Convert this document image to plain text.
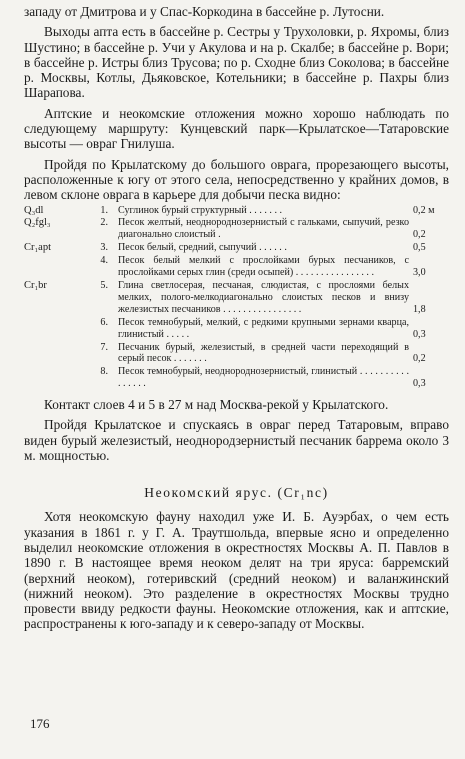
западу от Дмитрова и у Спас-Коркодина в бассейне р. Лутосни.

Выходы апта есть в бассейне р. Сестры у Трухоловки, р. Яхромы, близ Шустино; в бассейне р. Учи у Акулова и на р. Скалбе; в бассейне р. Вори; в бассейне р. Истры близ Трусова; по р. Сходне близ Соколова; в бассейне р. Москвы, Котлы, Дьяковское, Котельники; в бассейне р. Пахры близ Шарапова.

Аптские и неокомские отложения можно хорошо наблюдать по следующему маршруту: Кунцевский парк—Крылатское—Татаровские высоты — овраг Гнилуша.

Пройдя по Крылатскому до большого оврага, прорезающего высоты, расположенные к югу от этого села, непосредственно у крайних домов, в левом склоне оврага в карьере для добычи песка видно:

Q₃dl	1.	Суглинок бурый структурный . . . . . . .	0,2 м
Q₂fgl₃	2.	Песок желтый, неоднороднозернистый с гальками, сыпучий, резко диагонально слоистый .	0,2
Cr₁apt	3.	Песок белый, средний, сыпучий . . . . . .	0,5
	4.	Песок белый мелкий с прослойками бурых песчаников, с прослойками серых глин (среди осыпей) . . . . . . . . . . . . . . . .	3,0
Cr₁br	5.	Глина светлосерая, песчаная, слюдистая, с прослоями белых мелких, полого-мелкодиагонально слоистых песков и внизу железистых песчаников . . . . . . . . . . . . . . . .	1,8
	6.	Песок темнобурый, мелкий, с редкими крупными зернами кварца, глинистый . . . . .	0,3
	7.	Песчаник бурый, железистый, в средней части переходящий в серый песок . . . . . . .	0,2
	8.	Песок темнобурый, неоднороднозернистый, глинистый . . . . . . . . . . . . . . . .	0,3

Контакт слоев 4 и 5 в 27 м над Москва-рекой у Крылатского.

Пройдя Крылатское и спускаясь в овраг перед Татаровым, вправо виден бурый железистый, неоднородзернистый песчаник баррема около 3 м. мощностью.

Неокомский ярус. (Cr₁nc)

Хотя неокомскую фауну находил уже И. Б. Ауэрбах, о чем есть указания в 1861 г. у Г. А. Траутшольда, впервые ясно и определенно выделил неокомские отложения в окрестностях Москвы А. П. Павлов в 1890 г. В настоящее время неоком делят на три яруса: барремский (верхний неоком), готеривский (средний неоком) и валанжинский (нижний неоком). Это разделение в окрестностях Москвы трудно провести ввиду редкости фауны. Неокомские отложения, как и аптские, распространены к юго-западу и к северо-западу от Москвы.

176
